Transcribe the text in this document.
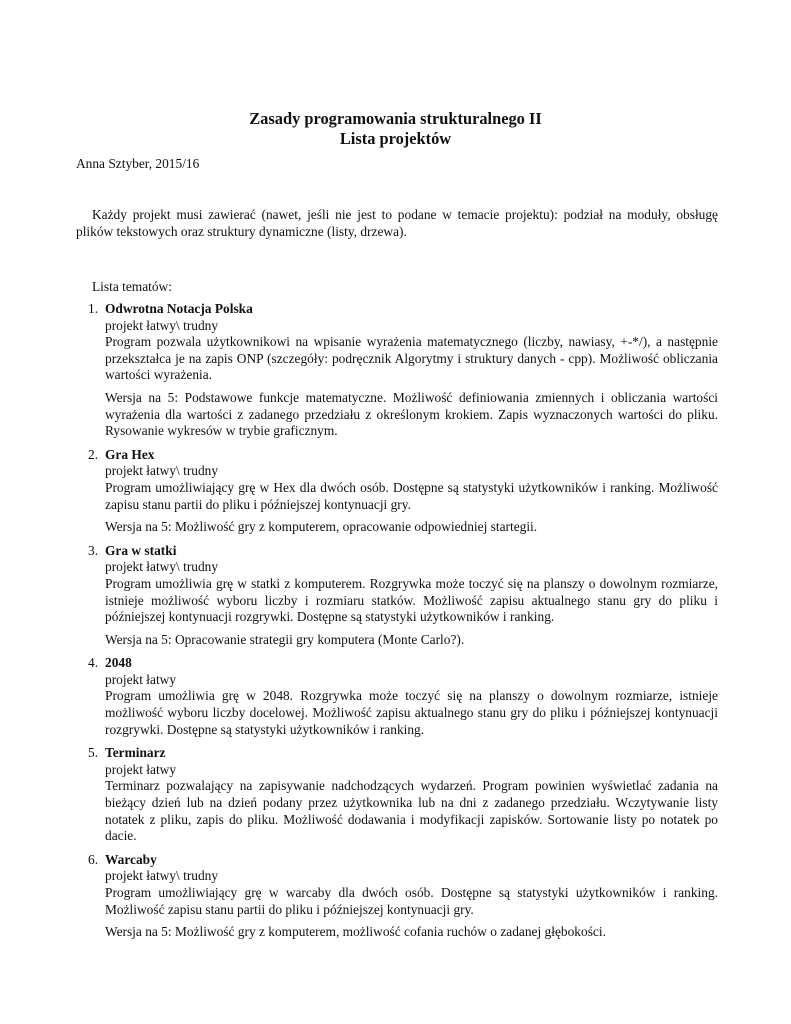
Zasady programowania strukturalnego II
Lista projektów
Anna Sztyber, 2015/16

Każdy projekt musi zawierać (nawet, jeśli nie jest to podane w temacie projektu): podział na moduły, obsługę plików tekstowych oraz struktury dynamiczne (listy, drzewa).

Lista tematów:
1. Odwrotna Notacja Polska
projekt łatwy\ trudny
Program pozwala użytkownikowi na wpisanie wyrażenia matematycznego (liczby, nawiasy, +-*/), a następnie przekształca je na zapis ONP (szczegóły: podręcznik Algorytmy i struktury danych - cpp). Możliwość obliczania wartości wyrażenia.
Wersja na 5: Podstawowe funkcje matematyczne. Możliwość definiowania zmiennych i obliczania wartości wyrażenia dla wartości z zadanego przedziału z określonym krokiem. Zapis wyznaczonych wartości do pliku. Rysowanie wykresów w trybie graficznym.
2. Gra Hex
projekt łatwy\ trudny
Program umożliwiający grę w Hex dla dwóch osób. Dostępne są statystyki użytkowników i ranking. Możliwość zapisu stanu partii do pliku i późniejszej kontynuacji gry.
Wersja na 5: Możliwość gry z komputerem, opracowanie odpowiedniej startegii.
3. Gra w statki
projekt łatwy\ trudny
Program umożliwia grę w statki z komputerem. Rozgrywka może toczyć się na planszy o dowolnym rozmiarze, istnieje możliwość wyboru liczby i rozmiaru statków. Możliwość zapisu aktualnego stanu gry do pliku i późniejszej kontynuacji rozgrywki. Dostępne są statystyki użytkowników i ranking.
Wersja na 5: Opracowanie strategii gry komputera (Monte Carlo?).
4. 2048
projekt łatwy
Program umożliwia grę w 2048. Rozgrywka może toczyć się na planszy o dowolnym rozmiarze, istnieje możliwość wyboru liczby docelowej. Możliwość zapisu aktualnego stanu gry do pliku i późniejszej kontynuacji rozgrywki. Dostępne są statystyki użytkowników i ranking.
5. Terminarz
projekt łatwy
Terminarz pozwalający na zapisywanie nadchodzących wydarzeń. Program powinien wyświetlać zadania na bieżący dzień lub na dzień podany przez użytkownika lub na dni z zadanego przedziału. Wczytywanie listy notatek z pliku, zapis do pliku. Możliwość dodawania i modyfikacji zapisków. Sortowanie listy po notatek po dacie.
6. Warcaby
projekt łatwy\ trudny
Program umożliwiający grę w warcaby dla dwóch osób. Dostępne są statystyki użytkowników i ranking. Możliwość zapisu stanu partii do pliku i późniejszej kontynuacji gry.
Wersja na 5: Możliwość gry z komputerem, możliwość cofania ruchów o zadanej głębokości.
